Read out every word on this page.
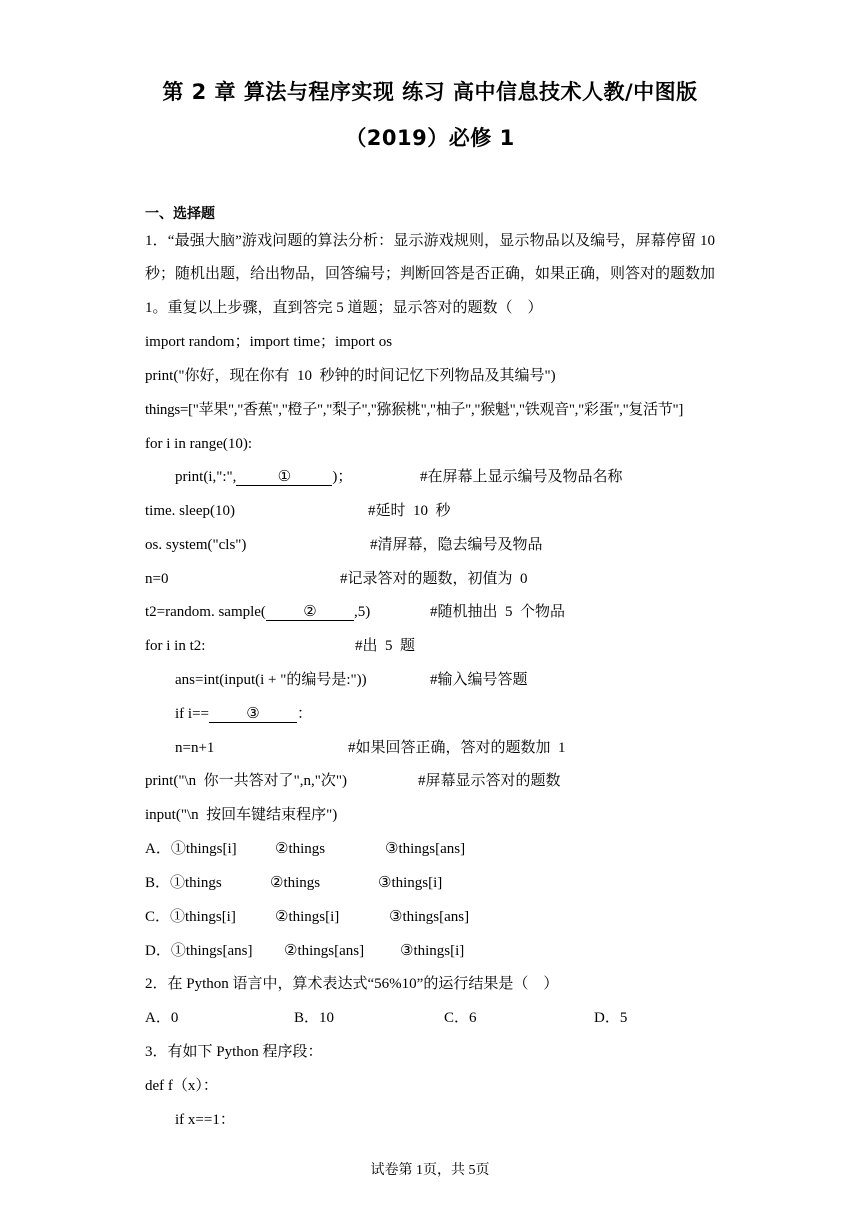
第 2 章 算法与程序实现 练习 高中信息技术人教/中图版
（2019）必修 1
一、选择题
1．“最强大脑”游戏问题的算法分析：显示游戏规则，显示物品以及编号，屏幕停留 10
秒；随机出题，给出物品，回答编号；判断回答是否正确，如果正确，则答对的题数加
1。重复以上步骤，直到答完 5 道题；显示答对的题数（　）
import random；import time；import os
print("你好，现在你有  10  秒钟的时间记忆下列物品及其编号")
things=["苹果","香蕉","橙子","梨子","猕猴桃","柚子","猴魁","铁观音","彩蛋","复活节"]
for i in range(10):
print(i,":",	①	)；	#在屏幕上显示编号及物品名称
time. sleep(10)	#延时  10  秒
os. system("cls")	#清屏幕，隐去编号及物品
n=0	#记录答对的题数，初值为  0
t2=random. sample( ② ,5)	#随机抽出  5  个物品
for i in t2:	#出  5  题
ans=int(input(i + "的编号是:"))	#输入编号答题
if i== ③ ：
n=n+1	#如果回答正确，答对的题数加  1
print("\n  你一共答对了",n,"次")	#屏幕显示答对的题数
input("\n  按回车键结束程序")
A．①things[i]	②things	③things[ans]
B．①things	②things	③things[i]
C．①things[i]	②things[i]	③things[ans]
D．①things[ans] ②things[ans] ③things[i]
2．在 Python 语言中，算术表达式“56%10”的运行结果是（　）
A．0	B．10	C．6	D．5
3．有如下 Python 程序段：
def f（x）：
if x==1：
试卷第 1页，共 5页
